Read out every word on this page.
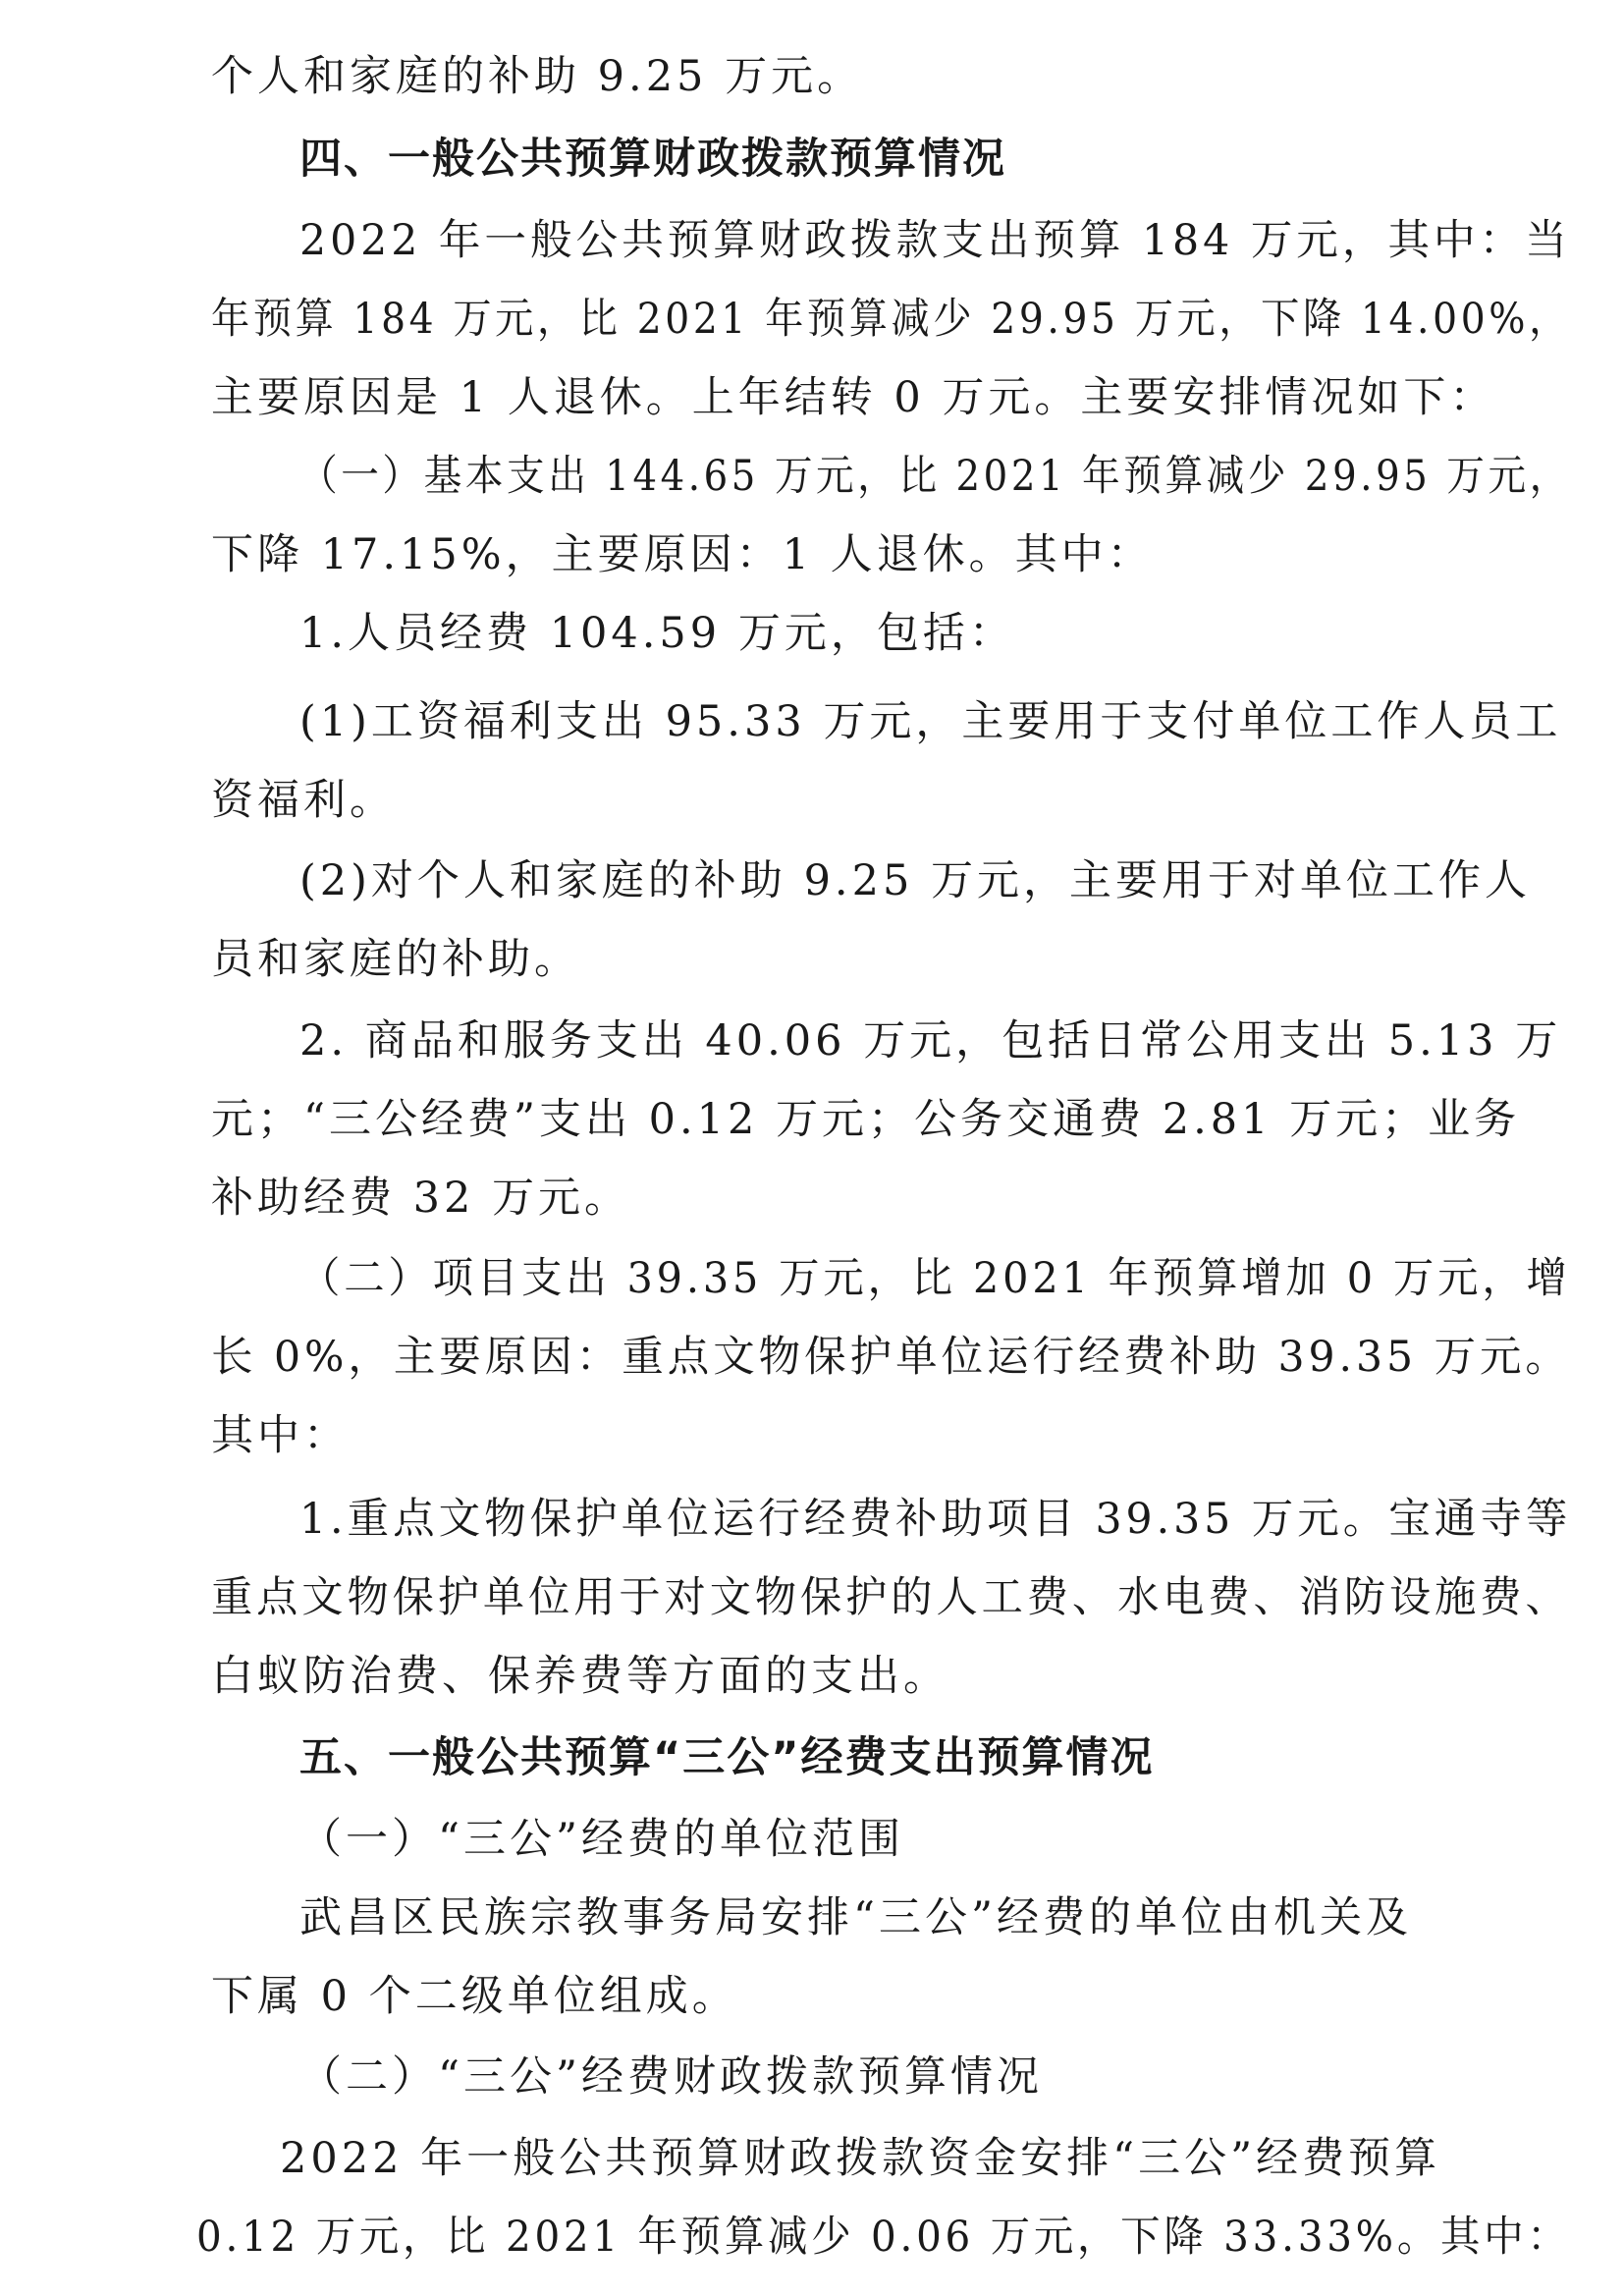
个人和家庭的补助 9.25 万元。
四、一般公共预算财政拨款预算情况
2022 年一般公共预算财政拨款支出预算 184 万元，其中：当
年预算 184 万元，比 2021 年预算减少 29.95 万元，下降 14.00%，
主要原因是 1 人退休。上年结转 0 万元。主要安排情况如下：
（一）基本支出 144.65 万元，比 2021 年预算减少 29.95 万元，
下降 17.15%，主要原因：1 人退休。其中：
1.人员经费 104.59 万元，包括：
(1)工资福利支出 95.33 万元，主要用于支付单位工作人员工
资福利。
(2)对个人和家庭的补助 9.25 万元，主要用于对单位工作人
员和家庭的补助。
2. 商品和服务支出 40.06 万元，包括日常公用支出 5.13 万
元；“三公经费”支出 0.12 万元；公务交通费 2.81 万元；业务
补助经费 32 万元。
（二）项目支出 39.35 万元，比 2021 年预算增加 0 万元，增
长 0%，主要原因：重点文物保护单位运行经费补助 39.35 万元。
其中：
1.重点文物保护单位运行经费补助项目 39.35 万元。宝通寺等
重点文物保护单位用于对文物保护的人工费、水电费、消防设施费、
白蚁防治费、保养费等方面的支出。
五、一般公共预算“三公”经费支出预算情况
（一）“三公”经费的单位范围
武昌区民族宗教事务局安排“三公”经费的单位由机关及
下属 0 个二级单位组成。
（二）“三公”经费财政拨款预算情况
2022 年一般公共预算财政拨款资金安排“三公”经费预算
0.12 万元，比 2021 年预算减少 0.06 万元，下降 33.33%。其中：
